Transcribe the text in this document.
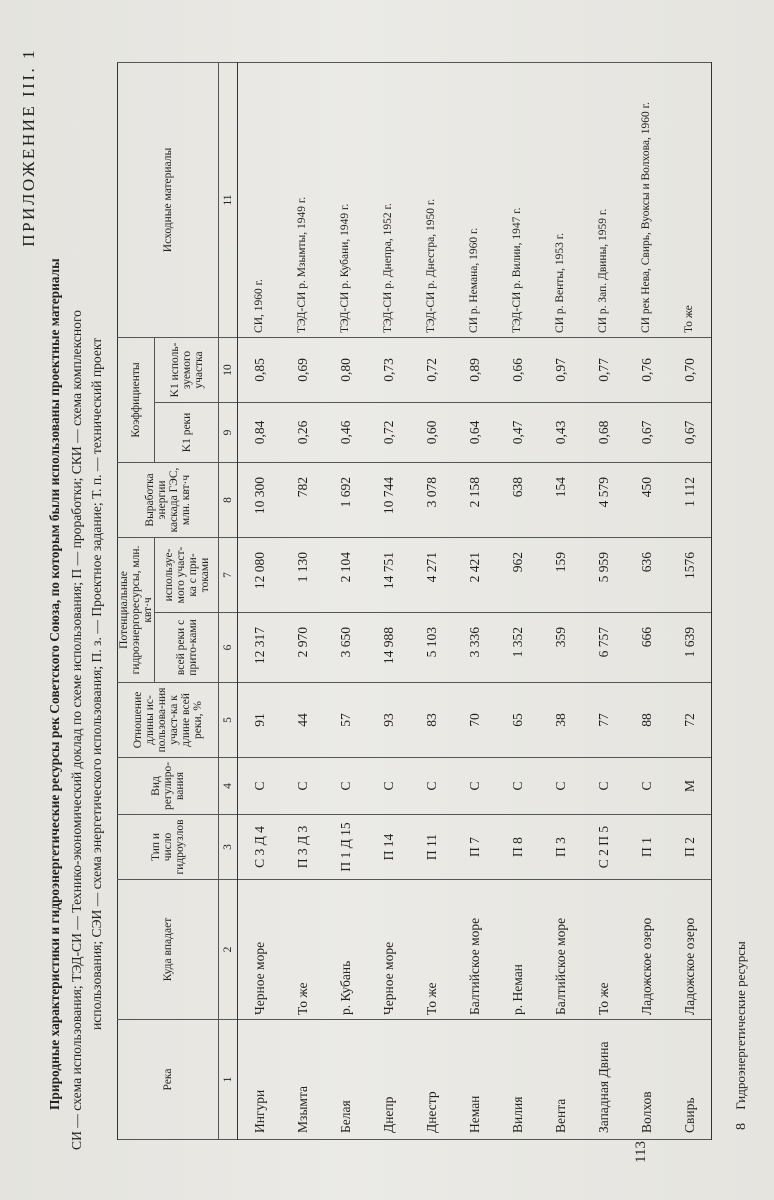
ПРИЛОЖЕНИЕ III. 1
Природные характеристики и гидроэнергетические ресурсы рек Советского Союза, по которым были использованы проектные материалы СИ — схема использования; ТЭД-СИ — Технико-экономический доклад по схеме использования; П — проработки; СКИ — схема комплексного использования; СЭИ — схема энергетического использования; П. з. — Проектное задание; Т. п. — технический проект
Река	Куда впадает	Тип и число гидроузлов	Вид регулиро-вания	Отношение длины ис-пользова-ния участ-ка к длине всей реки, %	Потенциальные гидроэнергоресурсы, млн. квт·ч		Выработка энергии каскада ГЭС, млн. квт·ч	Коэффициенты		Исходные материалы
					всей реки с прито-ками	используе-мого участ-ка с при-токами		K1 реки	K1 исполь-зуемого участка	
1	2	3	4	5	6	7	8	9	10	11
Ингури	Черное море	С 3 Д 4	С	91	12 317	12 080	10 300	0,84	0,85	СИ, 1960 г.
Мзымта	То же	П 3 Д 3	С	44	2 970	1 130	782	0,26	0,69	ТЭД-СИ р. Мзымты, 1949 г.
Белая	р. Кубань	П 1 Д 15	С	57	3 650	2 104	1 692	0,46	0,80	ТЭД-СИ р. Кубани, 1949 г.
Днепр	Черное море	П 14	С	93	14 988	14 751	10 744	0,72	0,73	ТЭД-СИ р. Днепра, 1952 г.
Днестр	То же	П 11	С	83	5 103	4 271	3 078	0,60	0,72	ТЭД-СИ р. Днестра, 1950 г.
Неман	Балтийское море	П 7	С	70	3 336	2 421	2 158	0,64	0,89	СИ р. Немана, 1960 г.
Вилия	р. Неман	П 8	С	65	1 352	962	638	0,47	0,66	ТЭД-СИ р. Вилии, 1947 г.
Вента	Балтийское море	П 3	С	38	359	159	154	0,43	0,97	СИ р. Венты, 1953 г.
Западная Двина	То же	С 2 П 5	С	77	6 757	5 959	4 579	0,68	0,77	СИ р. Зап. Двины, 1959 г.
Волхов	Ладожское озеро	П 1	С	88	666	636	450	0,67	0,76	СИ рек Нева, Свирь, Вуоксы и Волхова, 1960 г.
Свирь	Ладожское озеро	П 2	М	72	1 639	1576	1 112	0,67	0,70	То же
8 Гидроэнергетические ресурсы
113
